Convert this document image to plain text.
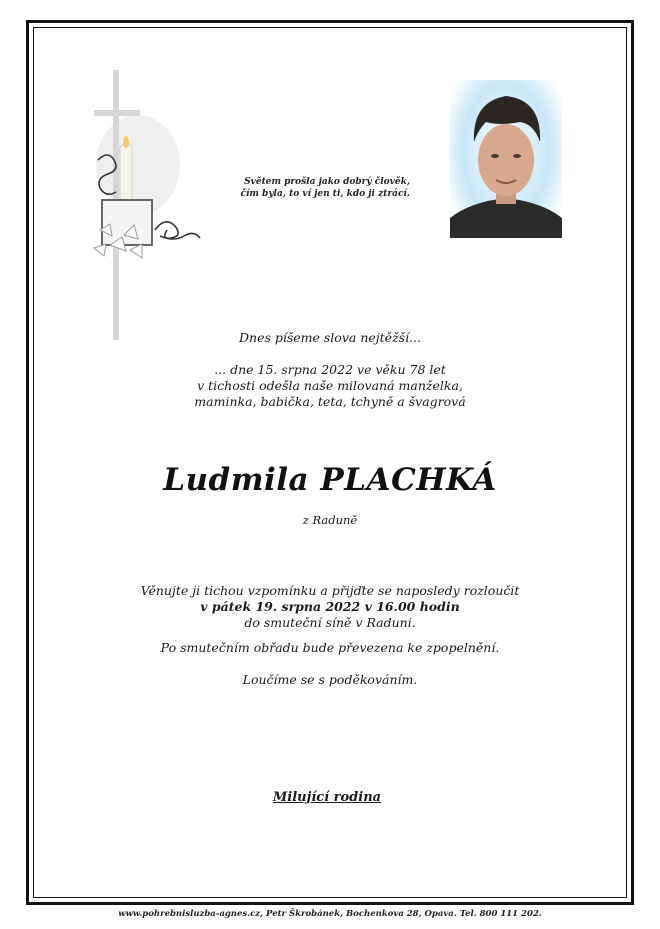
Světem prošla jako dobrý člověk,
čím byla, to ví jen ti, kdo ji ztrácí.
Dnes píšeme slova nejtěžší...
... dne 15. srpna 2022 ve věku 78 let
v tichosti odešla naše milovaná manželka,
maminka, babička, teta, tchyně a švagrová
Ludmila PLACHKÁ
z Raduně
Věnujte ji tichou vzpomínku a přijďte se naposledy rozloučit
v pátek 19. srpna 2022 v 16.00 hodin
do smuteční síně v Raduni.
Po smutečním obřadu bude převezena ke zpopelnění.
Loučíme se s poděkováním.
Milující rodina
www.pohrebnisluzba-agnes.cz, Petr Škrobánek, Bochenkova 28, Opava. Tel. 800 111 202.
